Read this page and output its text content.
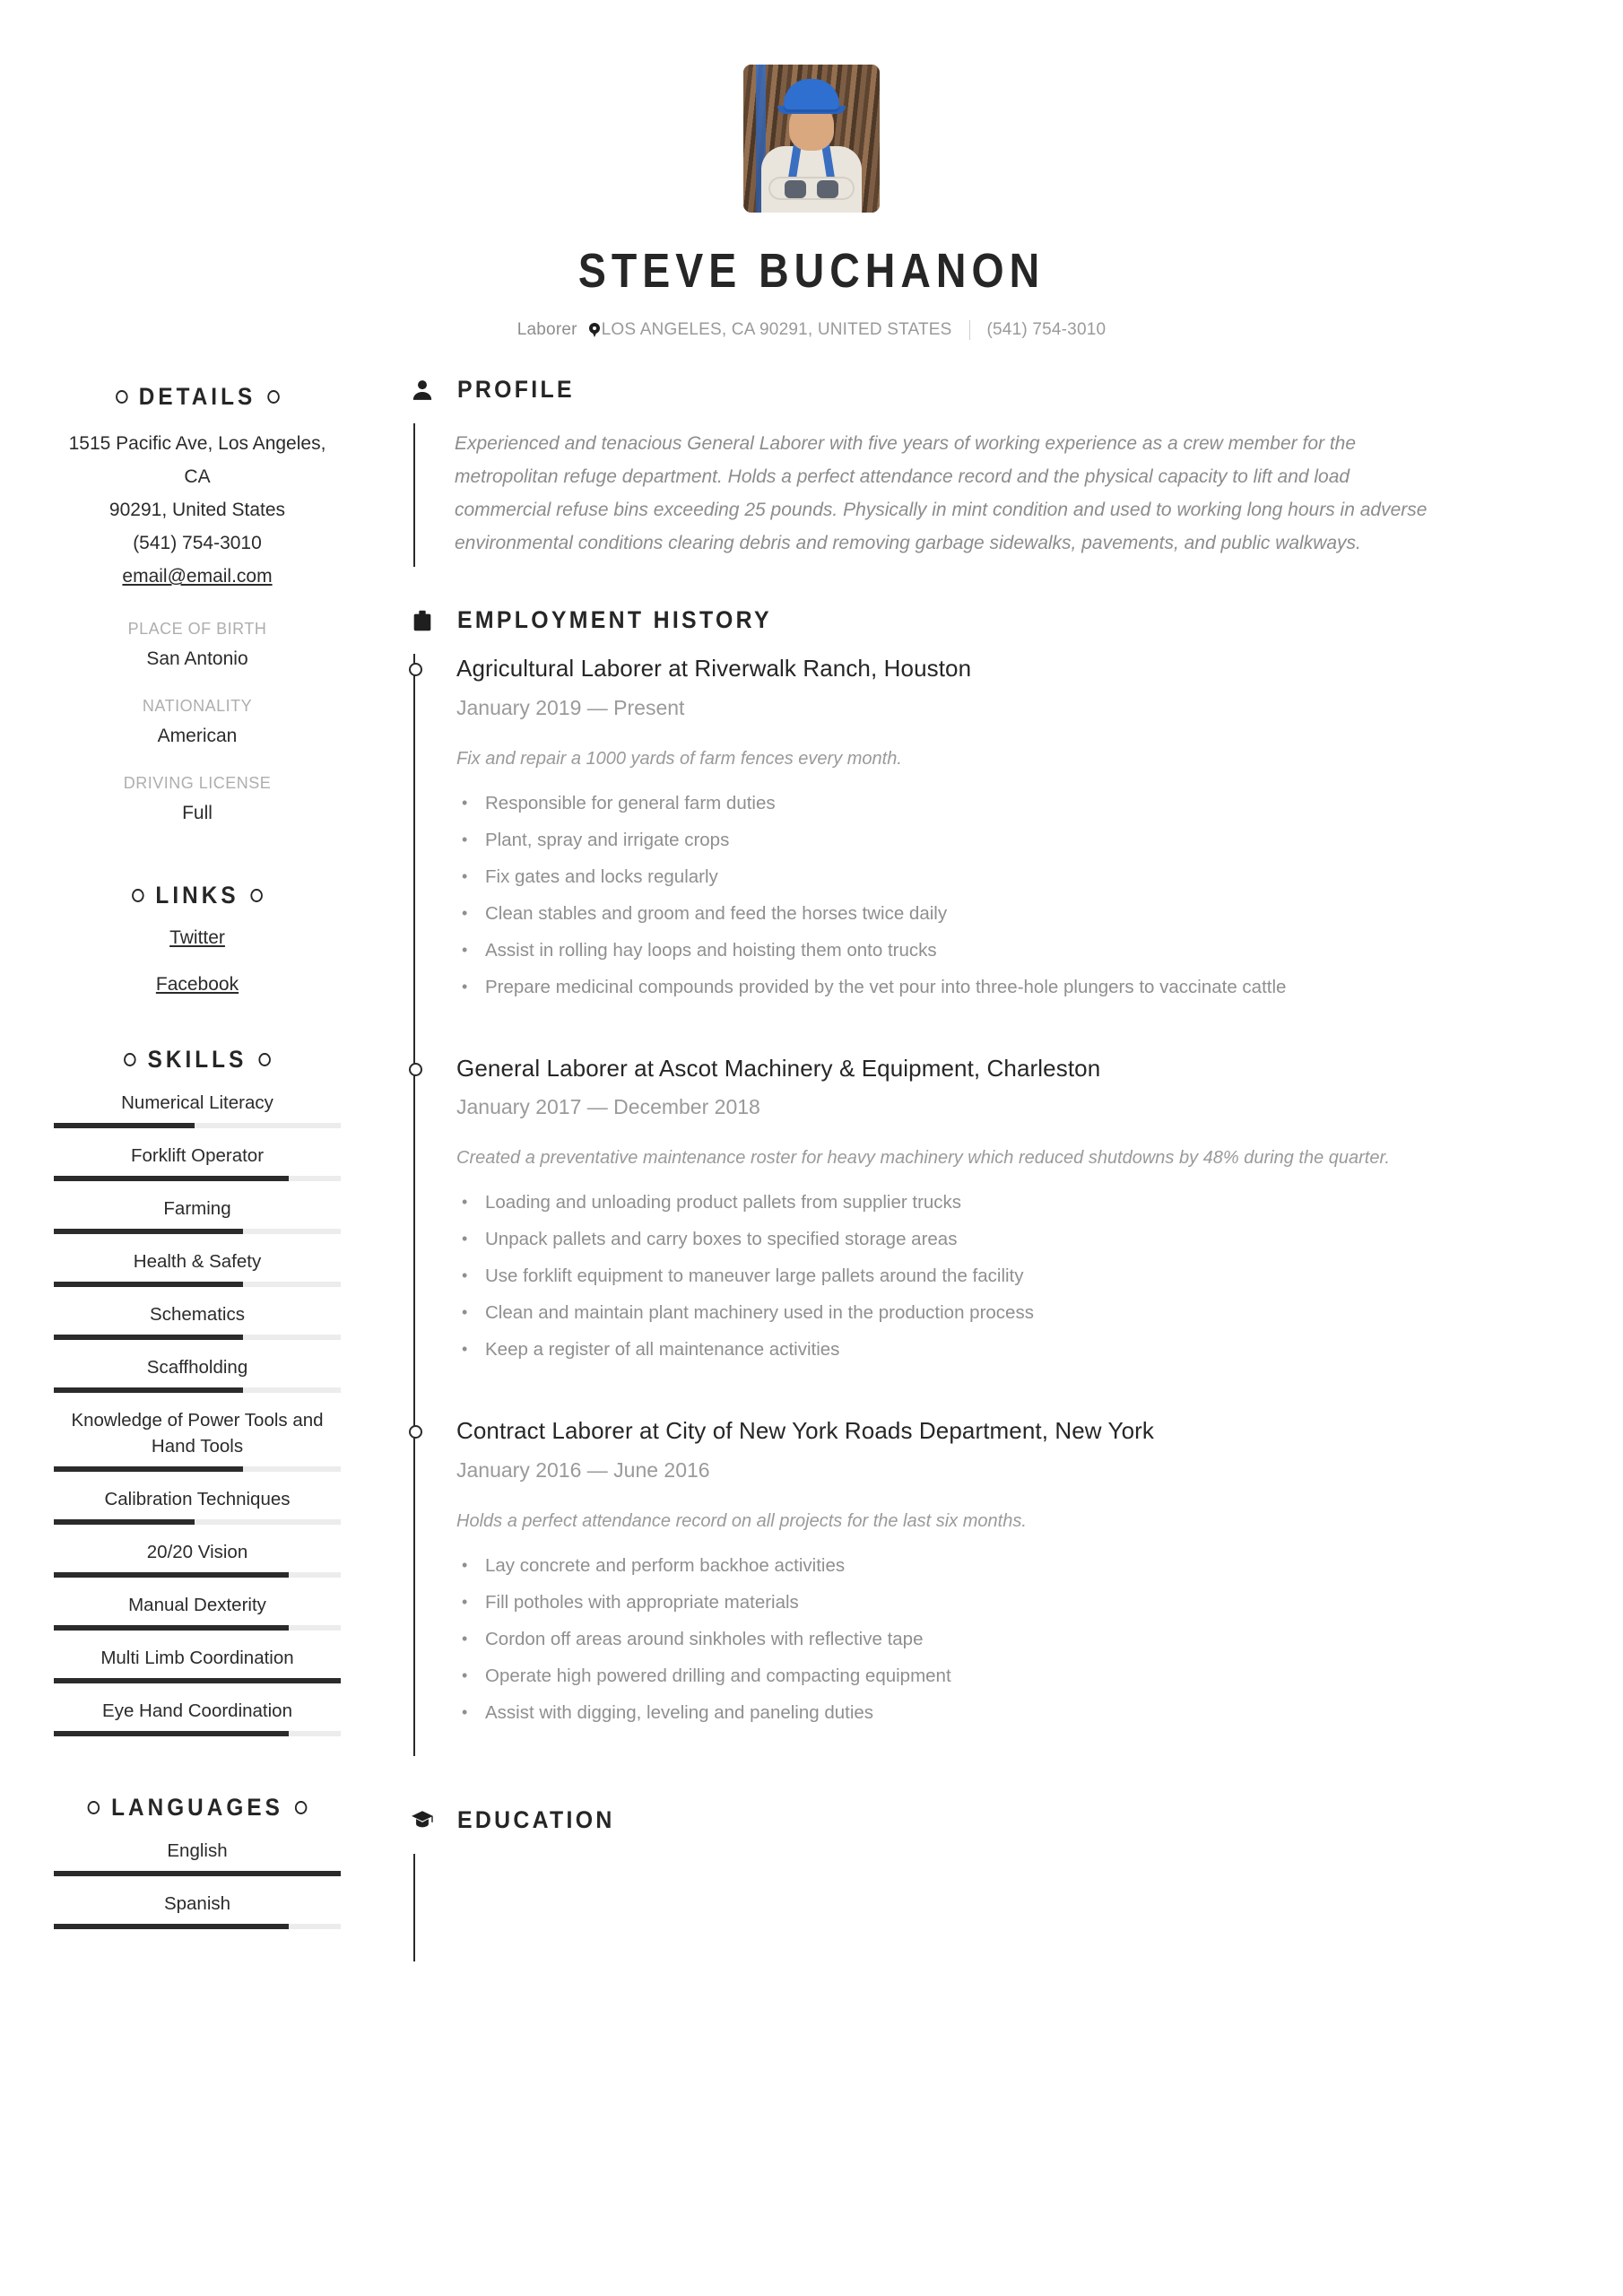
STEVE BUCHANON
Laborer LOS ANGELES, CA 90291, UNITED STATES (541) 754-3010
DETAILS
1515 Pacific Ave, Los Angeles, CA
90291, United States
(541) 754-3010
email@email.com
PLACE OF BIRTH
San Antonio
NATIONALITY
American
DRIVING LICENSE
Full
LINKS
Twitter
Facebook
SKILLS
Numerical Literacy
Forklift Operator
Farming
Health & Safety
Schematics
Scaffholding
Knowledge of Power Tools and Hand Tools
Calibration Techniques
20/20 Vision
Manual Dexterity
Multi Limb Coordination
Eye Hand Coordination
LANGUAGES
English
Spanish
PROFILE
Experienced and tenacious General Laborer with five years of working experience as a crew member for the metropolitan refuge department. Holds a perfect attendance record and the physical capacity to lift and load commercial refuse bins exceeding 25 pounds. Physically in mint condition and used to working long hours in adverse environmental conditions clearing debris and removing garbage sidewalks, pavements, and public walkways.
EMPLOYMENT HISTORY
Agricultural Laborer at Riverwalk Ranch, Houston
January 2019 — Present
Fix and repair a 1000 yards of farm fences every month.
• Responsible for general farm duties
• Plant, spray and irrigate crops
• Fix gates and locks regularly
• Clean stables and groom and feed the horses twice daily
• Assist in rolling hay loops and hoisting them onto trucks
• Prepare medicinal compounds provided by the vet pour into three-hole plungers to vaccinate cattle
General Laborer at Ascot Machinery & Equipment, Charleston
January 2017 — December 2018
Created a preventative maintenance roster for heavy machinery which reduced shutdowns by 48% during the quarter.
• Loading and unloading product pallets from supplier trucks
• Unpack pallets and carry boxes to specified storage areas
• Use forklift equipment to maneuver large pallets around the facility
• Clean and maintain plant machinery used in the production process
• Keep a register of all maintenance activities
Contract Laborer at City of New York Roads Department, New York
January 2016 — June 2016
Holds a perfect attendance record on all projects for the last six months.
• Lay concrete and perform backhoe activities
• Fill potholes with appropriate materials
• Cordon off areas around sinkholes with reflective tape
• Operate high powered drilling and compacting equipment
• Assist with digging, leveling and paneling duties
EDUCATION
